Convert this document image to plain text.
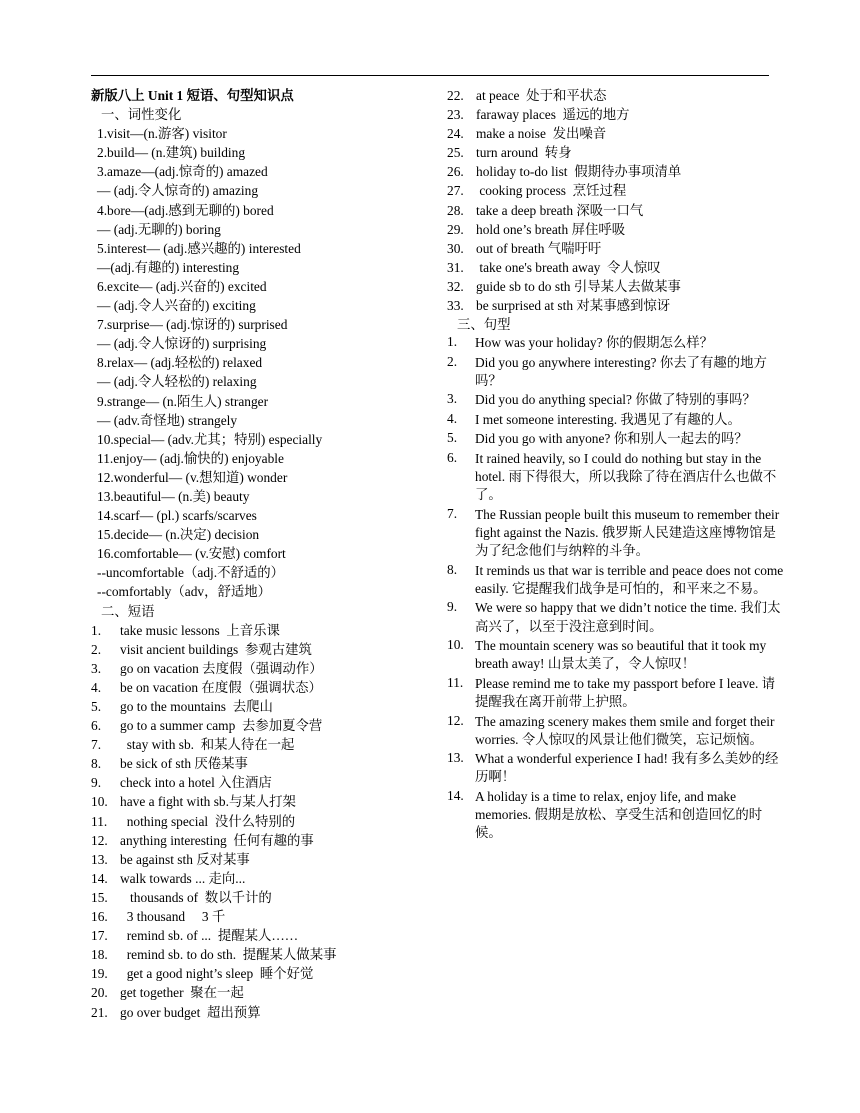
新版八上 Unit 1 短语、句型知识点
一、词性变化
1.visit—(n.游客) visitor
2.build— (n.建筑) building
3.amaze—(adj.惊奇的) amazed
— (adj.令人惊奇的) amazing
4.bore—(adj.感到无聊的) bored
— (adj.无聊的) boring
5.interest— (adj.感兴趣的) interested
—(adj.有趣的) interesting
6.excite— (adj.兴奋的) excited
— (adj.令人兴奋的) exciting
7.surprise— (adj.惊讶的) surprised
— (adj.令人惊讶的) surprising
8.relax— (adj.轻松的) relaxed
— (adj.令人轻松的) relaxing
9.strange— (n.陌生人) stranger
— (adv.奇怪地) strangely
10.special— (adv.尤其；特别) especially
11.enjoy— (adj.愉快的) enjoyable
12.wonderful— (v.想知道) wonder
13.beautiful— (n.美) beauty
14.scarf— (pl.) scarfs/scarves
15.decide— (n.决定) decision
16.comfortable— (v.安慰) comfort
--uncomfortable（adj.不舒适的）
--comfortably（adv，舒适地）
二、短语
1. take music lessons  上音乐课
2. visit ancient buildings  参观古建筑
3. go on vacation 去度假（强调动作）
4. be on vacation 在度假（强调状态）
5. go to the mountains  去爬山
6. go to a summer camp  去参加夏令营
7.  stay with sb.  和某人待在一起
8. be sick of sth 厌倦某事
9. check into a hotel 入住酒店
10. have a fight with sb.与某人打架
11.  nothing special  没什么特别的
12. anything interesting  任何有趣的事
13. be against sth 反对某事
14. walk towards ... 走向...
15.   thousands of  数以千计的
16.  3 thousand     3 千
17.  remind sb. of ...  提醒某人……
18.  remind sb. to do sth.  提醒某人做某事
19.  get a good night’s sleep  睡个好觉
20. get together  聚在一起
21. go over budget  超出预算
22. at peace  处于和平状态
23. faraway places  遥远的地方
24. make a noise  发出噪音
25. turn around  转身
26. holiday to-do list  假期待办事项清单
27. cooking process  烹饪过程
28. take a deep breath 深吸一口气
29. hold one’s breath 屏住呼吸
30. out of breath 气喘吁吁
31. take one's breath away  令人惊叹
32. guide sb to do sth 引导某人去做某事
33. be surprised at sth 对某事感到惊讶
三、句型
1.	How was your holiday? 你的假期怎么样？
2.	Did you go anywhere interesting? 你去了有趣的地方吗？
3.	Did you do anything special? 你做了特别的事吗？
4.	I met someone interesting. 我遇见了有趣的人。
5.	Did you go with anyone? 你和别人一起去的吗？
6.	It rained heavily, so I could do nothing but stay in the hotel. 雨下得很大，所以我除了待在酒店什么也做不了。
7.	The Russian people built this museum to remember their fight against the Nazis. 俄罗斯人民建造这座博物馆是为了纪念他们与纳粹的斗争。
8.	It reminds us that war is terrible and peace does not come easily. 它提醒我们战争是可怕的，和平来之不易。
9.	We were so happy that we didn’t notice the time. 我们太高兴了，以至于没注意到时间。
10. The mountain scenery was so beautiful that it took my breath away! 山景太美了，令人惊叹！
11. Please remind me to take my passport before I leave. 请提醒我在离开前带上护照。
12. The amazing scenery makes them smile and forget their worries. 令人惊叹的风景让他们微笑，忘记烦恼。
13. What a wonderful experience I had! 我有多么美妙的经历啊！
14. A holiday is a time to relax, enjoy life, and make memories. 假期是放松、享受生活和创造回忆的时候。
